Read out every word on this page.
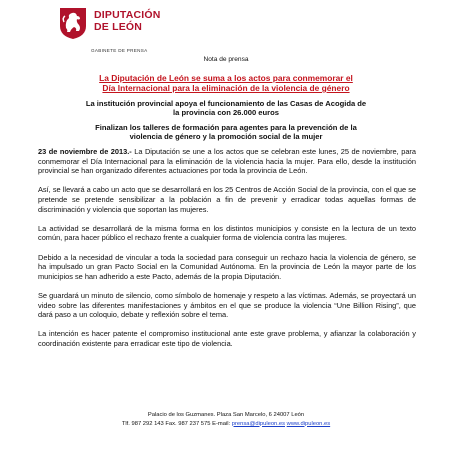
DIPUTACIÓN
DE LEÓN
GABINETE DE PRENSA
Nota de prensa
La Diputación de León se suma a los actos para conmemorar el
Día Internacional para la eliminación de la violencia de género
La institución provincial apoya el funcionamiento de las Casas de Acogida de
la provincia con 26.000 euros
Finalizan los talleres de formación para agentes para la prevención de la
violencia de género y la promoción social de la mujer

23 de noviembre de 2013.- La Diputación se une a los actos que se celebran este lunes, 25 de noviembre, para conmemorar el Día Internacional para la eliminación de la violencia hacia la mujer. Para ello, desde la institución provincial se han organizado diferentes actuaciones por toda la provincia de León.

Así, se llevará a cabo un acto que se desarrollará en los 25 Centros de Acción Social de la provincia, con el que se pretende se pretende sensibilizar a la población a fin de prevenir y erradicar todas aquellas formas de discriminación y violencia que soportan las mujeres.

La actividad se desarrollará de la misma forma en los distintos municipios y consiste en la lectura de un texto común, para hacer público el rechazo frente a cualquier forma de violencia contra las mujeres.

Debido a la necesidad de vincular a toda la sociedad para conseguir un rechazo hacia la violencia de género, se ha impulsado un gran Pacto Social en la Comunidad Autónoma. En la provincia de León la mayor parte de los municipios se han adherido a este Pacto, además de la propia Diputación.

Se guardará un minuto de silencio, como símbolo de homenaje y respeto a las víctimas. Además, se proyectará un video sobre las diferentes manifestaciones y ámbitos en el que se produce la violencia “Une Billion Rising”, que dará paso a un coloquio, debate y reflexión sobre el tema.

La intención es hacer patente el compromiso institucional ante este grave problema, y afianzar la colaboración y coordinación existente para erradicar este tipo de violencia.

Palacio de los Guzmanes. Plaza San Marcelo, 6 24007 León
Tlf. 987 292 143 Fax. 987 237 575 E-mail: prensa@dipuleon.es www.dipuleon.es
